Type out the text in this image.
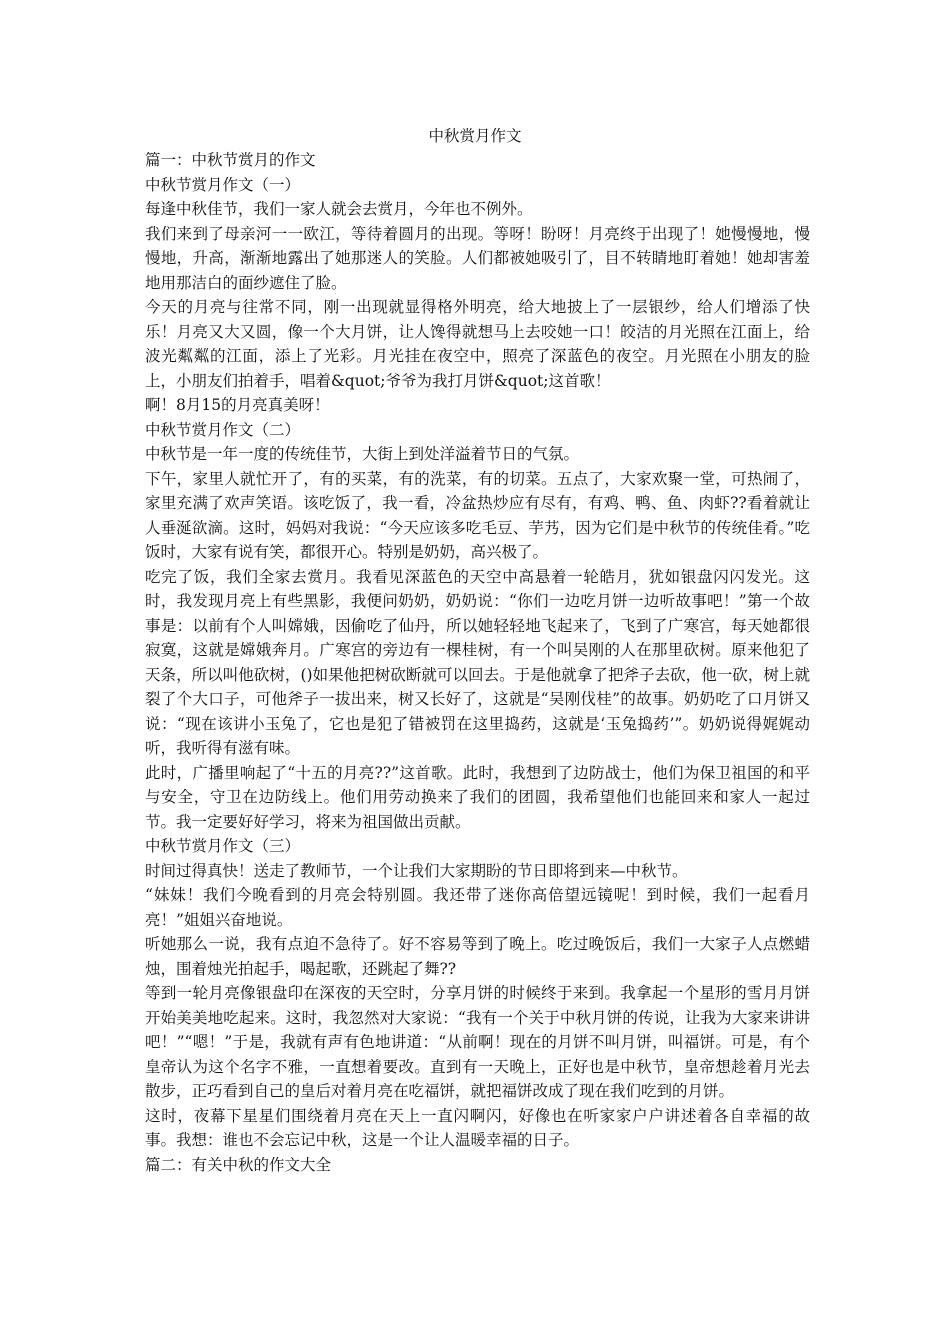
中秋赏月作文
篇一：中秋节赏月的作文
中秋节赏月作文（一）
每逢中秋佳节，我们一家人就会去赏月，今年也不例外。
我们来到了母亲河一一欧江，等待着圆月的出现。等呀！盼呀！月亮终于出现了！她慢慢地，慢慢地，升高，渐渐地露出了她那迷人的笑脸。人们都被她吸引了，目不转睛地盯着她！她却害羞地用那洁白的面纱遮住了脸。
今天的月亮与往常不同，刚一出现就显得格外明亮，给大地披上了一层银纱，给人们增添了快乐！月亮又大又圆，像一个大月饼，让人馋得就想马上去咬她一口！皎洁的月光照在江面上，给波光粼粼的江面，添上了光彩。月光挂在夜空中，照亮了深蓝色的夜空。月光照在小朋友的脸上，小朋友们拍着手，唱着&quot;爷爷为我打月饼&quot;这首歌！
啊！8月15的月亮真美呀！
中秋节赏月作文（二）
中秋节是一年一度的传统佳节，大街上到处洋溢着节日的气氛。
下午，家里人就忙开了，有的买菜，有的洗菜，有的切菜。五点了，大家欢聚一堂，可热闹了，家里充满了欢声笑语。该吃饭了，我一看，冷盆热炒应有尽有，有鸡、鸭、鱼、肉虾??看着就让人垂涎欲滴。这时，妈妈对我说：“今天应该多吃毛豆、芋艿，因为它们是中秋节的传统佳肴。”吃饭时，大家有说有笑，都很开心。特别是奶奶，高兴极了。
吃完了饭，我们全家去赏月。我看见深蓝色的天空中高悬着一轮皓月，犹如银盘闪闪发光。这时，我发现月亮上有些黑影，我便问奶奶，奶奶说：“你们一边吃月饼一边听故事吧！”第一个故事是：以前有个人叫嫦娥，因偷吃了仙丹，所以她轻轻地飞起来了，飞到了广寒宫，每天她都很寂寞，这就是嫦娥奔月。广寒宫的旁边有一棵桂树，有一个叫吴刚的人在那里砍树。原来他犯了天条，所以叫他砍树，()如果他把树砍断就可以回去。于是他就拿了把斧子去砍，他一砍，树上就裂了个大口子，可他斧子一拔出来，树又长好了，这就是“吴刚伐桂”的故事。奶奶吃了口月饼又说：“现在该讲小玉兔了，它也是犯了错被罚在这里捣药，这就是‘玉兔捣药’”。奶奶说得娓娓动听，我听得有滋有味。
此时，广播里响起了“十五的月亮??”这首歌。此时，我想到了边防战士，他们为保卫祖国的和平与安全，守卫在边防线上。他们用劳动换来了我们的团圆，我希望他们也能回来和家人一起过节。我一定要好好学习，将来为祖国做出贡献。
中秋节赏月作文（三）
时间过得真快！送走了教师节，一个让我们大家期盼的节日即将到来—中秋节。
“妹妹！我们今晚看到的月亮会特别圆。我还带了迷你高倍望远镜呢！到时候，我们一起看月亮！”姐姐兴奋地说。
听她那么一说，我有点迫不急待了。好不容易等到了晚上。吃过晚饭后，我们一大家子人点燃蜡烛，围着烛光拍起手，喝起歌，还跳起了舞??
等到一轮月亮像银盘印在深夜的天空时，分享月饼的时候终于来到。我拿起一个星形的雪月月饼开始美美地吃起来。这时，我忽然对大家说：“我有一个关于中秋月饼的传说，让我为大家来讲讲吧！”“嗯！”于是，我就有声有色地讲道：“从前啊！现在的月饼不叫月饼，叫福饼。可是，有个皇帝认为这个名字不雅，一直想着要改。直到有一天晚上，正好也是中秋节，皇帝想趁着月光去散步，正巧看到自己的皇后对着月亮在吃福饼，就把福饼改成了现在我们吃到的月饼。
这时，夜幕下星星们围绕着月亮在天上一直闪啊闪，好像也在听家家户户讲述着各自幸福的故事。我想：谁也不会忘记中秋，这是一个让人温暖幸福的日子。
篇二：有关中秋的作文大全
